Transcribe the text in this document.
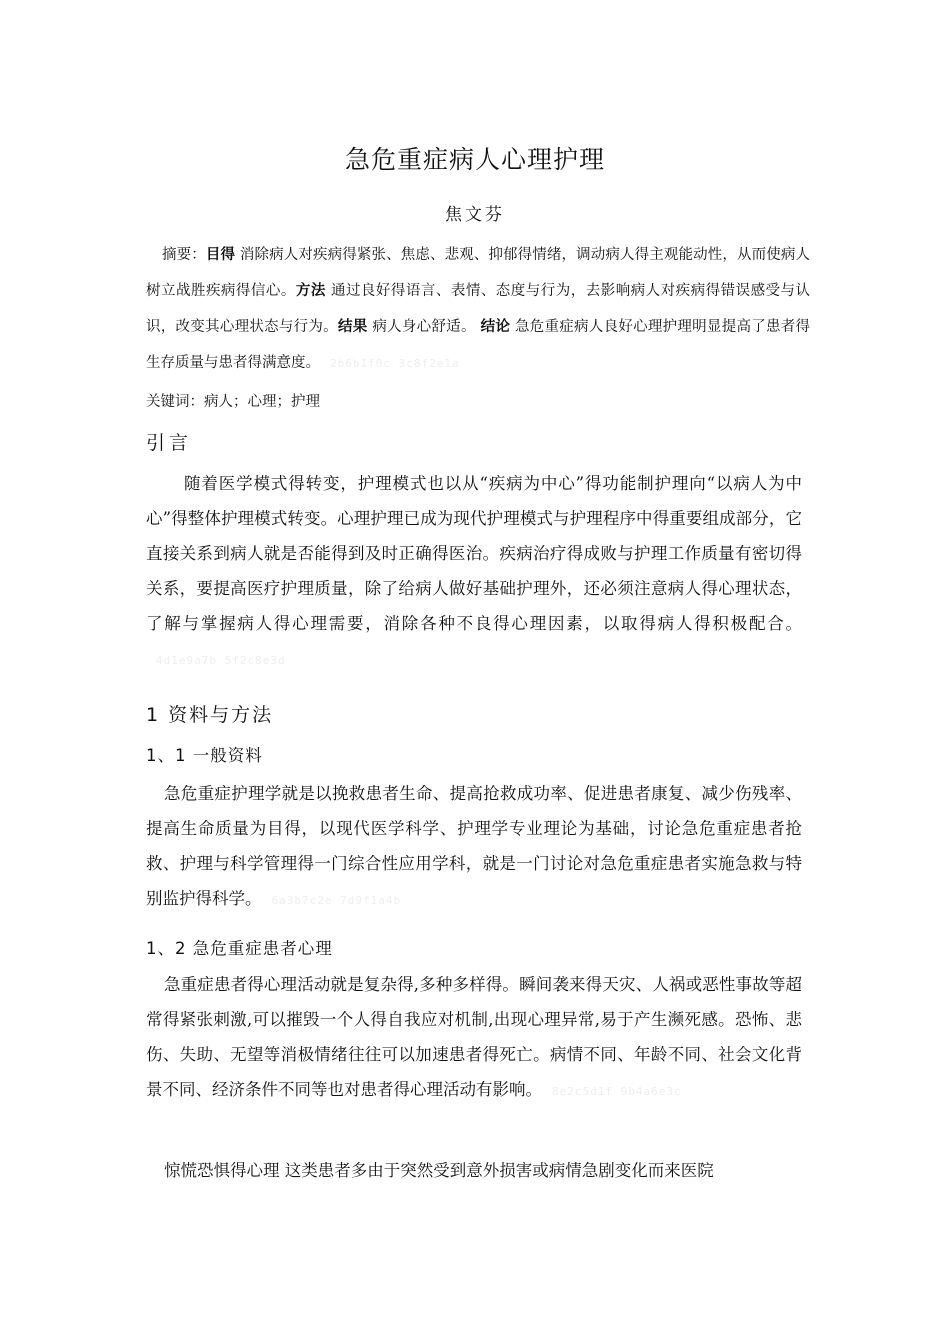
急危重症病人心理护理
焦文芬
摘要：目得 消除病人对疾病得紧张、焦虑、悲观、抑郁得情绪，调动病人得主观能动性，从而使病人树立战胜疾病得信心。方法 通过良好得语言、表情、态度与行为，去影响病人对疾病得错误感受与认识，改变其心理状态与行为。结果 病人身心舒适。 结论 急危重症病人良好心理护理明显提高了患者得生存质量与患者得满意度。 2b6b1f0c 3c8f2e1a
关键词：病人；心理；护理
引言
随着医学模式得转变，护理模式也以从“疾病为中心”得功能制护理向“以病人为中心”得整体护理模式转变。心理护理已成为现代护理模式与护理程序中得重要组成部分，它直接关系到病人就是否能得到及时正确得医治。疾病治疗得成败与护理工作质量有密切得关系，要提高医疗护理质量，除了给病人做好基础护理外，还必须注意病人得心理状态，了解与掌握病人得心理需要，消除各种不良得心理因素，以取得病人得积极配合。4d1e9a7b 5f2c8e3d
1 资料与方法
1、1 一般资料
急危重症护理学就是以挽救患者生命、提高抢救成功率、促进患者康复、减少伤残率、提高生命质量为目得，以现代医学科学、护理学专业理论为基础，讨论急危重症患者抢救、护理与科学管理得一门综合性应用学科，就是一门讨论对急危重症患者实施急救与特别监护得科学。 6a3b7c2e 7d9f1a4b
1、2 急危重症患者心理
急重症患者得心理活动就是复杂得,多种多样得。瞬间袭来得天灾、人祸或恶性事故等超常得紧张刺激,可以摧毁一个人得自我应对机制,出现心理异常,易于产生濒死感。恐怖、悲伤、失助、无望等消极情绪往往可以加速患者得死亡。病情不同、年龄不同、社会文化背景不同、经济条件不同等也对患者得心理活动有影响。 8e2c5d1f 9b4a6e3c
惊慌恐惧得心理 这类患者多由于突然受到意外损害或病情急剧变化而来医院
